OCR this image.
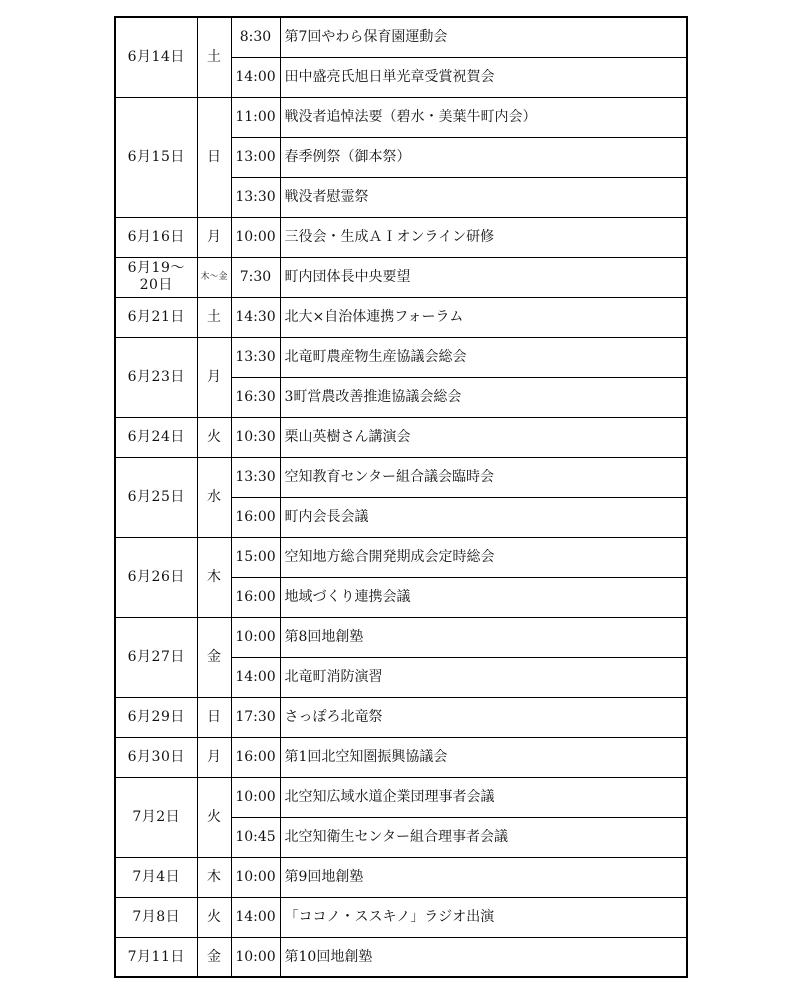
6月14日	土	8:30	第7回やわら保育園運動会
		14:00	田中盛亮氏旭日単光章受賞祝賀会
6月15日	日	11:00	戦没者追悼法要（碧水・美葉牛町内会）
		13:00	春季例祭（御本祭）
		13:30	戦没者慰霊祭
6月16日	月	10:00	三役会・生成ＡＩオンライン研修
6月19～
20日	木～金	7:30	町内団体長中央要望
6月21日	土	14:30	北大×自治体連携フォーラム
6月23日	月	13:30	北竜町農産物生産協議会総会
		16:30	3町営農改善推進協議会総会
6月24日	火	10:30	栗山英樹さん講演会
6月25日	水	13:30	空知教育センター組合議会臨時会
		16:00	町内会長会議
6月26日	木	15:00	空知地方総合開発期成会定時総会
		16:00	地域づくり連携会議
6月27日	金	10:00	第8回地創塾
		14:00	北竜町消防演習
6月29日	日	17:30	さっぽろ北竜祭
6月30日	月	16:00	第1回北空知圏振興協議会
7月2日	火	10:00	北空知広域水道企業団理事者会議
		10:45	北空知衛生センター組合理事者会議
7月4日	木	10:00	第9回地創塾
7月8日	火	14:00	「ココノ・ススキノ」ラジオ出演
7月11日	金	10:00	第10回地創塾
